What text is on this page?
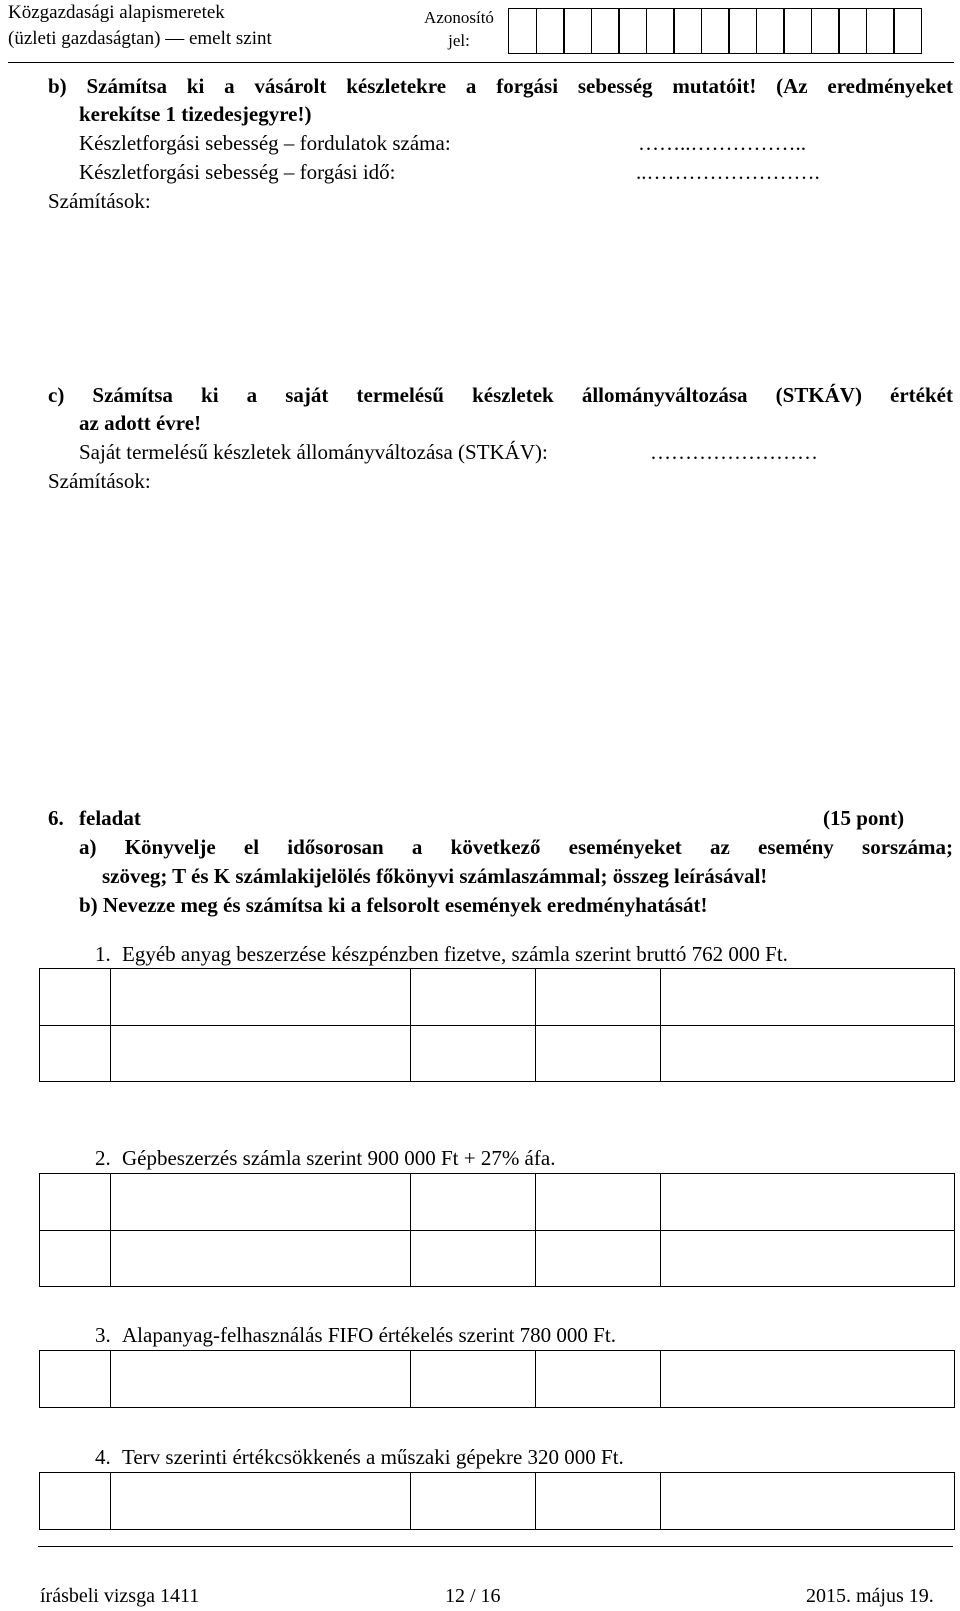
Közgazdasági alapismeretek
(üzleti gazdaságtan) — emelt szint
Azonosító
jel:
b) Számítsa ki a vásárolt készletekre a forgási sebesség mutatóit! (Az eredményeket
kerekítse 1 tizedesjegyre!)
Készletforgási sebesség – fordulatok száma:	……..……………..
Készletforgási sebesség – forgási idő:	..…………………….
Számítások:
c) Számítsa ki a saját termelésű készletek állományváltozása (STKÁV) értékét
az adott évre!
Saját termelésű készletek állományváltozása (STKÁV):	……………………
Számítások:
6. feladat	(15 pont)
a) Könyvelje el idősorosan a következő eseményeket az esemény sorszáma;
szöveg; T és K számlakijelölés főkönyvi számlaszámmal; összeg leírásával!
b) Nevezze meg és számítsa ki a felsorolt események eredményhatását!
1. Egyéb anyag beszerzése készpénzben fizetve, számla szerint bruttó 762 000 Ft.

2. Gépbeszerzés számla szerint 900 000 Ft + 27% áfa.

3. Alapanyag-felhasználás FIFO értékelés szerint 780 000 Ft.

4. Terv szerinti értékcsökkenés a műszaki gépekre 320 000 Ft.

írásbeli vizsga 1411	12 / 16	2015. május 19.
